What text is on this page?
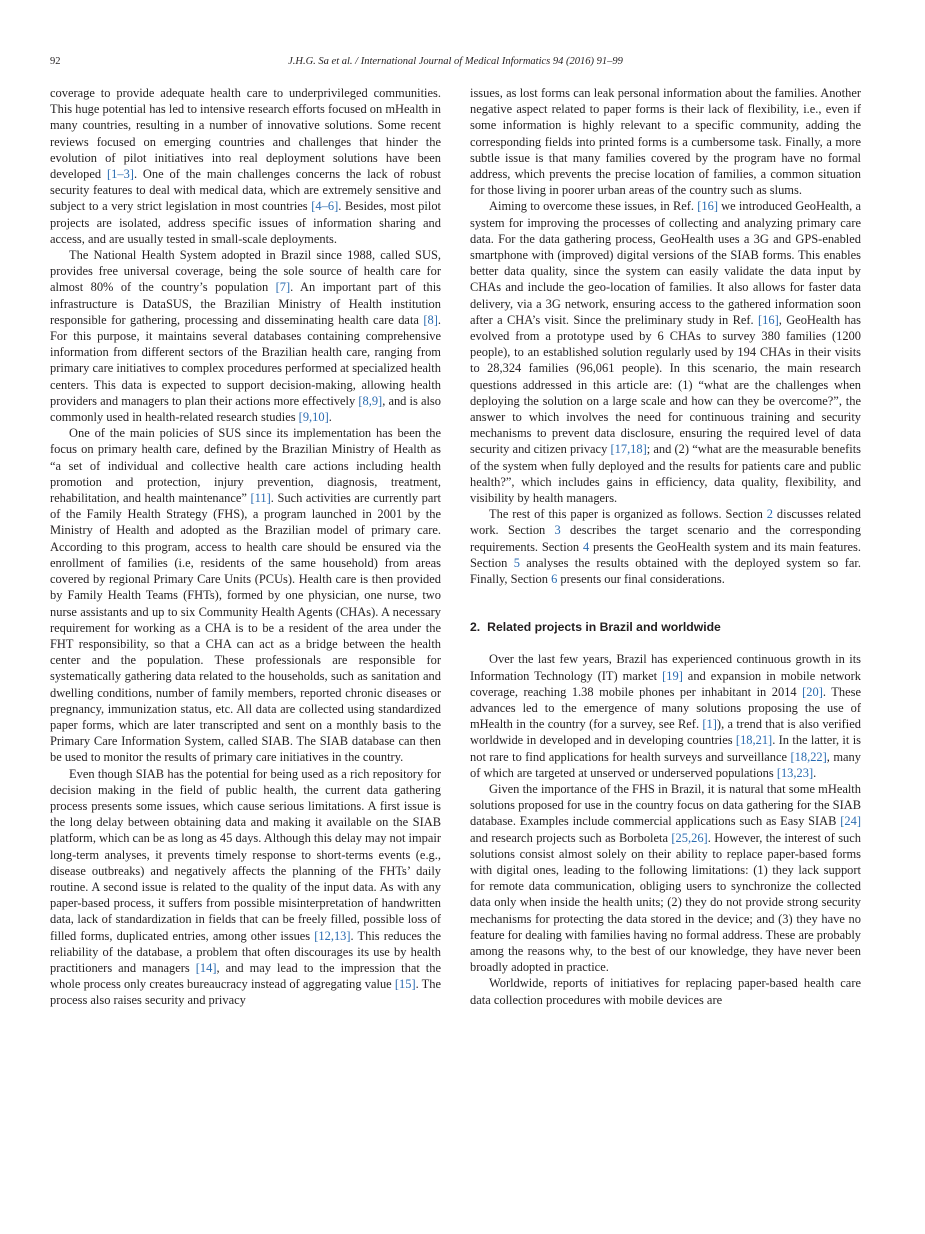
92	J.H.G. Sa et al. / International Journal of Medical Informatics 94 (2016) 91–99

coverage to provide adequate health care to underprivileged communities. This huge potential has led to intensive research efforts focused on mHealth in many countries, resulting in a number of innovative solutions. Some recent reviews focused on emerging countries and challenges that hinder the evolution of pilot initiatives into real deployment solutions have been developed [1–3]. One of the main challenges concerns the lack of robust security features to deal with medical data, which are extremely sensitive and subject to a very strict legislation in most countries [4–6]. Besides, most pilot projects are isolated, address specific issues of information sharing and access, and are usually tested in small-scale deployments.

The National Health System adopted in Brazil since 1988, called SUS, provides free universal coverage, being the sole source of health care for almost 80% of the country’s population [7]. An important part of this infrastructure is DataSUS, the Brazilian Ministry of Health institution responsible for gathering, processing and disseminating health care data [8]. For this purpose, it maintains several databases containing comprehensive information from different sectors of the Brazilian health care, ranging from primary care initiatives to complex procedures performed at specialized health centers. This data is expected to support decision-making, allowing health providers and managers to plan their actions more effectively [8,9], and is also commonly used in health-related research studies [9,10].

One of the main policies of SUS since its implementation has been the focus on primary health care, defined by the Brazilian Ministry of Health as “a set of individual and collective health care actions including health promotion and protection, injury prevention, diagnosis, treatment, rehabilitation, and health maintenance” [11]. Such activities are currently part of the Family Health Strategy (FHS), a program launched in 2001 by the Ministry of Health and adopted as the Brazilian model of primary care. According to this program, access to health care should be ensured via the enrollment of families (i.e, residents of the same household) from areas covered by regional Primary Care Units (PCUs). Health care is then provided by Family Health Teams (FHTs), formed by one physician, one nurse, two nurse assistants and up to six Community Health Agents (CHAs). A necessary requirement for working as a CHA is to be a resident of the area under the FHT responsibility, so that a CHA can act as a bridge between the health center and the population. These professionals are responsible for systematically gathering data related to the households, such as sanitation and dwelling conditions, number of family members, reported chronic diseases or pregnancy, immunization status, etc. All data are collected using standardized paper forms, which are later transcripted and sent on a monthly basis to the Primary Care Information System, called SIAB. The SIAB database can then be used to monitor the results of primary care initiatives in the country.

Even though SIAB has the potential for being used as a rich repository for decision making in the field of public health, the current data gathering process presents some issues, which cause serious limitations. A first issue is the long delay between obtaining data and making it available on the SIAB platform, which can be as long as 45 days. Although this delay may not impair long-term analyses, it prevents timely response to short-terms events (e.g., disease outbreaks) and negatively affects the planning of the FHTs’ daily routine. A second issue is related to the quality of the input data. As with any paper-based process, it suffers from possible misinterpretation of handwritten data, lack of standardization in fields that can be freely filled, possible loss of filled forms, duplicated entries, among other issues [12,13]. This reduces the reliability of the database, a problem that often discourages its use by health practitioners and managers [14], and may lead to the impression that the whole process only creates bureaucracy instead of aggregating value [15]. The process also raises security and privacy

issues, as lost forms can leak personal information about the families. Another negative aspect related to paper forms is their lack of flexibility, i.e., even if some information is highly relevant to a specific community, adding the corresponding fields into printed forms is a cumbersome task. Finally, a more subtle issue is that many families covered by the program have no formal address, which prevents the precise location of families, a common situation for those living in poorer urban areas of the country such as slums.

Aiming to overcome these issues, in Ref. [16] we introduced GeoHealth, a system for improving the processes of collecting and analyzing primary care data. For the data gathering process, GeoHealth uses a 3G and GPS-enabled smartphone with (improved) digital versions of the SIAB forms. This enables better data quality, since the system can easily validate the data input by CHAs and include the geo-location of families. It also allows for faster data delivery, via a 3G network, ensuring access to the gathered information soon after a CHA’s visit. Since the preliminary study in Ref. [16], GeoHealth has evolved from a prototype used by 6 CHAs to survey 380 families (1200 people), to an established solution regularly used by 194 CHAs in their visits to 28,324 families (96,061 people). In this scenario, the main research questions addressed in this article are: (1) “what are the challenges when deploying the solution on a large scale and how can they be overcome?”, the answer to which involves the need for continuous training and security mechanisms to prevent data disclosure, ensuring the required level of data security and citizen privacy [17,18]; and (2) “what are the measurable benefits of the system when fully deployed and the results for patients care and public health?”, which includes gains in efficiency, data quality, flexibility, and visibility by health managers.

The rest of this paper is organized as follows. Section 2 discusses related work. Section 3 describes the target scenario and the corresponding requirements. Section 4 presents the GeoHealth system and its main features. Section 5 analyses the results obtained with the deployed system so far. Finally, Section 6 presents our final considerations.

2. Related projects in Brazil and worldwide

Over the last few years, Brazil has experienced continuous growth in its Information Technology (IT) market [19] and expansion in mobile network coverage, reaching 1.38 mobile phones per inhabitant in 2014 [20]. These advances led to the emergence of many solutions proposing the use of mHealth in the country (for a survey, see Ref. [1]), a trend that is also verified worldwide in developed and in developing countries [18,21]. In the latter, it is not rare to find applications for health surveys and surveillance [18,22], many of which are targeted at unserved or underserved populations [13,23].

Given the importance of the FHS in Brazil, it is natural that some mHealth solutions proposed for use in the country focus on data gathering for the SIAB database. Examples include commercial applications such as Easy SIAB [24] and research projects such as Borboleta [25,26]. However, the interest of such solutions consist almost solely on their ability to replace paper-based forms with digital ones, leading to the following limitations: (1) they lack support for remote data communication, obliging users to synchronize the collected data only when inside the health units; (2) they do not provide strong security mechanisms for protecting the data stored in the device; and (3) they have no feature for dealing with families having no formal address. These are probably among the reasons why, to the best of our knowledge, they have never been broadly adopted in practice.

Worldwide, reports of initiatives for replacing paper-based health care data collection procedures with mobile devices are
